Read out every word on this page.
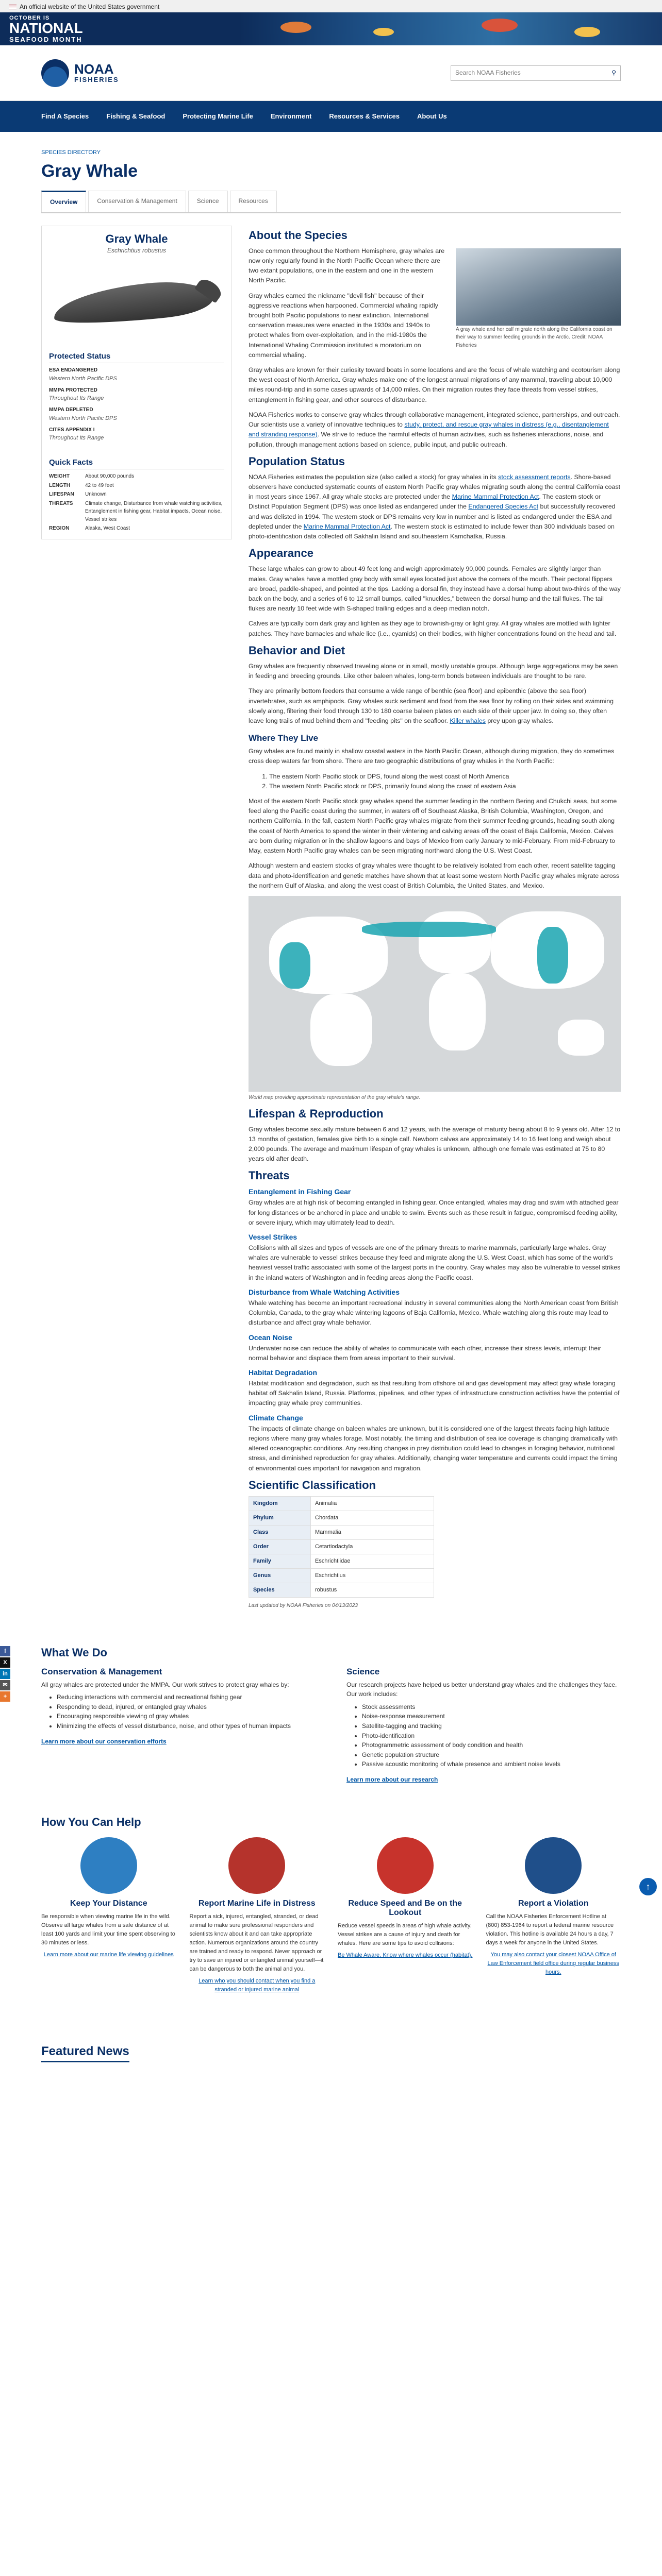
An official website of the United States government
OCTOBER IS
NATIONAL
SEAFOOD MONTH
NOAA
FISHERIES
Search NOAA Fisheries	⚲
Find A Species	Fishing & Seafood	Protecting Marine Life	Environment	Resources & Services	About Us
SPECIES DIRECTORY
Gray Whale
Overview	Conservation & Management	Science	Resources
Gray Whale
Eschrichtius robustus
Protected Status
ESA ENDANGERED
Western North Pacific DPS
MMPA PROTECTED
Throughout Its Range
MMPA DEPLETED
Western North Pacific DPS
CITES APPENDIX I
Throughout Its Range
Quick Facts
WEIGHT	About 90,000 pounds
LENGTH	42 to 49 feet
LIFESPAN	Unknown
THREATS	Climate change, Disturbance from whale watching activities, Entanglement in fishing gear, Habitat impacts, Ocean noise, Vessel strikes
REGION	Alaska, West Coast
About the Species
A gray whale and her calf migrate north along the California coast on their way to summer feeding grounds in the Arctic. Credit: NOAA Fisheries

Once common throughout the Northern Hemisphere, gray whales are now only regularly found in the North Pacific Ocean where there are two extant populations, one in the eastern and one in the western North Pacific.

Gray whales earned the nickname "devil fish" because of their aggressive reactions when harpooned. Commercial whaling rapidly brought both Pacific populations to near extinction. International conservation measures were enacted in the 1930s and 1940s to protect whales from over-exploitation, and in the mid-1980s the International Whaling Commission instituted a moratorium on commercial whaling.

Gray whales are known for their curiosity toward boats in some locations and are the focus of whale watching and ecotourism along the west coast of North America. Gray whales make one of the longest annual migrations of any mammal, traveling about 10,000 miles round-trip and in some cases upwards of 14,000 miles. On their migration routes they face threats from vessel strikes, entanglement in fishing gear, and other sources of disturbance.

NOAA Fisheries works to conserve gray whales through collaborative management, integrated science, partnerships, and outreach. Our scientists use a variety of innovative techniques to study, protect, and rescue gray whales in distress (e.g., disentanglement and stranding response). We strive to reduce the harmful effects of human activities, such as fisheries interactions, noise, and pollution, through management actions based on science, public input, and public outreach.

Population Status

NOAA Fisheries estimates the population size (also called a stock) for gray whales in its stock assessment reports. Shore-based observers have conducted systematic counts of eastern North Pacific gray whales migrating south along the central California coast in most years since 1967. All gray whale stocks are protected under the Marine Mammal Protection Act. The eastern stock or Distinct Population Segment (DPS) was once listed as endangered under the Endangered Species Act but successfully recovered and was delisted in 1994. The western stock or DPS remains very low in number and is listed as endangered under the ESA and depleted under the Marine Mammal Protection Act. The western stock is estimated to include fewer than 300 individuals based on photo-identification data collected off Sakhalin Island and southeastern Kamchatka, Russia.

Appearance

These large whales can grow to about 49 feet long and weigh approximately 90,000 pounds. Females are slightly larger than males. Gray whales have a mottled gray body with small eyes located just above the corners of the mouth. Their pectoral flippers are broad, paddle-shaped, and pointed at the tips. Lacking a dorsal fin, they instead have a dorsal hump about two-thirds of the way back on the body, and a series of 6 to 12 small bumps, called "knuckles," between the dorsal hump and the tail flukes. The tail flukes are nearly 10 feet wide with S-shaped trailing edges and a deep median notch.

Calves are typically born dark gray and lighten as they age to brownish-gray or light gray. All gray whales are mottled with lighter patches. They have barnacles and whale lice (i.e., cyamids) on their bodies, with higher concentrations found on the head and tail.

Behavior and Diet

Gray whales are frequently observed traveling alone or in small, mostly unstable groups. Although large aggregations may be seen in feeding and breeding grounds. Like other baleen whales, long-term bonds between individuals are thought to be rare.

They are primarily bottom feeders that consume a wide range of benthic (sea floor) and epibenthic (above the sea floor) invertebrates, such as amphipods. Gray whales suck sediment and food from the sea floor by rolling on their sides and swimming slowly along, filtering their food through 130 to 180 coarse baleen plates on each side of their upper jaw. In doing so, they often leave long trails of mud behind them and "feeding pits" on the seafloor. Killer whales prey upon gray whales.

Where They Live

Gray whales are found mainly in shallow coastal waters in the North Pacific Ocean, although during migration, they do sometimes cross deep waters far from shore. There are two geographic distributions of gray whales in the North Pacific:

1. The eastern North Pacific stock or DPS, found along the west coast of North America
2. The western North Pacific stock or DPS, primarily found along the coast of eastern Asia

Most of the eastern North Pacific stock gray whales spend the summer feeding in the northern Bering and Chukchi seas, but some feed along the Pacific coast during the summer, in waters off of Southeast Alaska, British Columbia, Washington, Oregon, and northern California. In the fall, eastern North Pacific gray whales migrate from their summer feeding grounds, heading south along the coast of North America to spend the winter in their wintering and calving areas off the coast of Baja California, Mexico. Calves are born during migration or in the shallow lagoons and bays of Mexico from early January to mid-February. From mid-February to May, eastern North Pacific gray whales can be seen migrating northward along the U.S. West Coast.

Although western and eastern stocks of gray whales were thought to be relatively isolated from each other, recent satellite tagging data and photo-identification and genetic matches have shown that at least some western North Pacific gray whales migrate across the northern Gulf of Alaska, and along the west coast of British Columbia, the United States, and Mexico.

World map providing approximate representation of the gray whale's range.
Lifespan & Reproduction

Gray whales become sexually mature between 6 and 12 years, with the average of maturity being about 8 to 9 years old. After 12 to 13 months of gestation, females give birth to a single calf. Newborn calves are approximately 14 to 16 feet long and weigh about 2,000 pounds. The average and maximum lifespan of gray whales is unknown, although one female was estimated at 75 to 80 years old after death.

Threats
Entanglement in Fishing Gear

Gray whales are at high risk of becoming entangled in fishing gear. Once entangled, whales may drag and swim with attached gear for long distances or be anchored in place and unable to swim. Events such as these result in fatigue, compromised feeding ability, or severe injury, which may ultimately lead to death.

Vessel Strikes

Collisions with all sizes and types of vessels are one of the primary threats to marine mammals, particularly large whales. Gray whales are vulnerable to vessel strikes because they feed and migrate along the U.S. West Coast, which has some of the world's heaviest vessel traffic associated with some of the largest ports in the country. Gray whales may also be vulnerable to vessel strikes in the inland waters of Washington and in feeding areas along the Pacific coast.

Disturbance from Whale Watching Activities

Whale watching has become an important recreational industry in several communities along the North American coast from British Columbia, Canada, to the gray whale wintering lagoons of Baja California, Mexico. Whale watching along this route may lead to disturbance and affect gray whale behavior.

Ocean Noise

Underwater noise can reduce the ability of whales to communicate with each other, increase their stress levels, interrupt their normal behavior and displace them from areas important to their survival.

Habitat Degradation

Habitat modification and degradation, such as that resulting from offshore oil and gas development may affect gray whale foraging habitat off Sakhalin Island, Russia. Platforms, pipelines, and other types of infrastructure construction activities have the potential of impacting gray whale prey communities.

Climate Change

The impacts of climate change on baleen whales are unknown, but it is considered one of the largest threats facing high latitude regions where many gray whales forage. Most notably, the timing and distribution of sea ice coverage is changing dramatically with altered oceanographic conditions. Any resulting changes in prey distribution could lead to changes in foraging behavior, nutritional stress, and diminished reproduction for gray whales. Additionally, changing water temperature and currents could impact the timing of environmental cues important for navigation and migration.

Scientific Classification
Kingdom	Animalia
Phylum	Chordata
Class	Mammalia
Order	Cetartiodactyla
Family	Eschrichtiidae
Genus	Eschrichtius
Species	robustus
Last updated by NOAA Fisheries on 04/13/2023
What We Do
Conservation & Management

All gray whales are protected under the MMPA. Our work strives to protect gray whales by:

• Reducing interactions with commercial and recreational fishing gear
• Responding to dead, injured, or entangled gray whales
• Encouraging responsible viewing of gray whales
• Minimizing the effects of vessel disturbance, noise, and other types of human impacts
Learn more about our conservation efforts
Science

Our research projects have helped us better understand gray whales and the challenges they face. Our work includes:

• Stock assessments
• Noise-response measurement
• Satellite-tagging and tracking
• Photo-identification
• Photogrammetric assessment of body condition and health
• Genetic population structure
• Passive acoustic monitoring of whale presence and ambient noise levels
Learn more about our research
How You Can Help
Keep Your Distance

Be responsible when viewing marine life in the wild. Observe all large whales from a safe distance of at least 100 yards and limit your time spent observing to 30 minutes or less.

Learn more about our marine life viewing guidelines
Report Marine Life in Distress

Report a sick, injured, entangled, stranded, or dead animal to make sure professional responders and scientists know about it and can take appropriate action. Numerous organizations around the country are trained and ready to respond. Never approach or try to save an injured or entangled animal yourself—it can be dangerous to both the animal and you.

Learn who you should contact when you find a stranded or injured marine animal
Reduce Speed and Be on the Lookout

Reduce vessel speeds in areas of high whale activity. Vessel strikes are a cause of injury and death for whales. Here are some tips to avoid collisions:

Be Whale Aware. Know where whales occur (habitat).
Report a Violation

Call the NOAA Fisheries Enforcement Hotline at (800) 853-1964 to report a federal marine resource violation. This hotline is available 24 hours a day, 7 days a week for anyone in the United States.

You may also contact your closest NOAA Office of Law Enforcement field office during regular business hours.
Featured News
f
X
in
✉
+
↑
